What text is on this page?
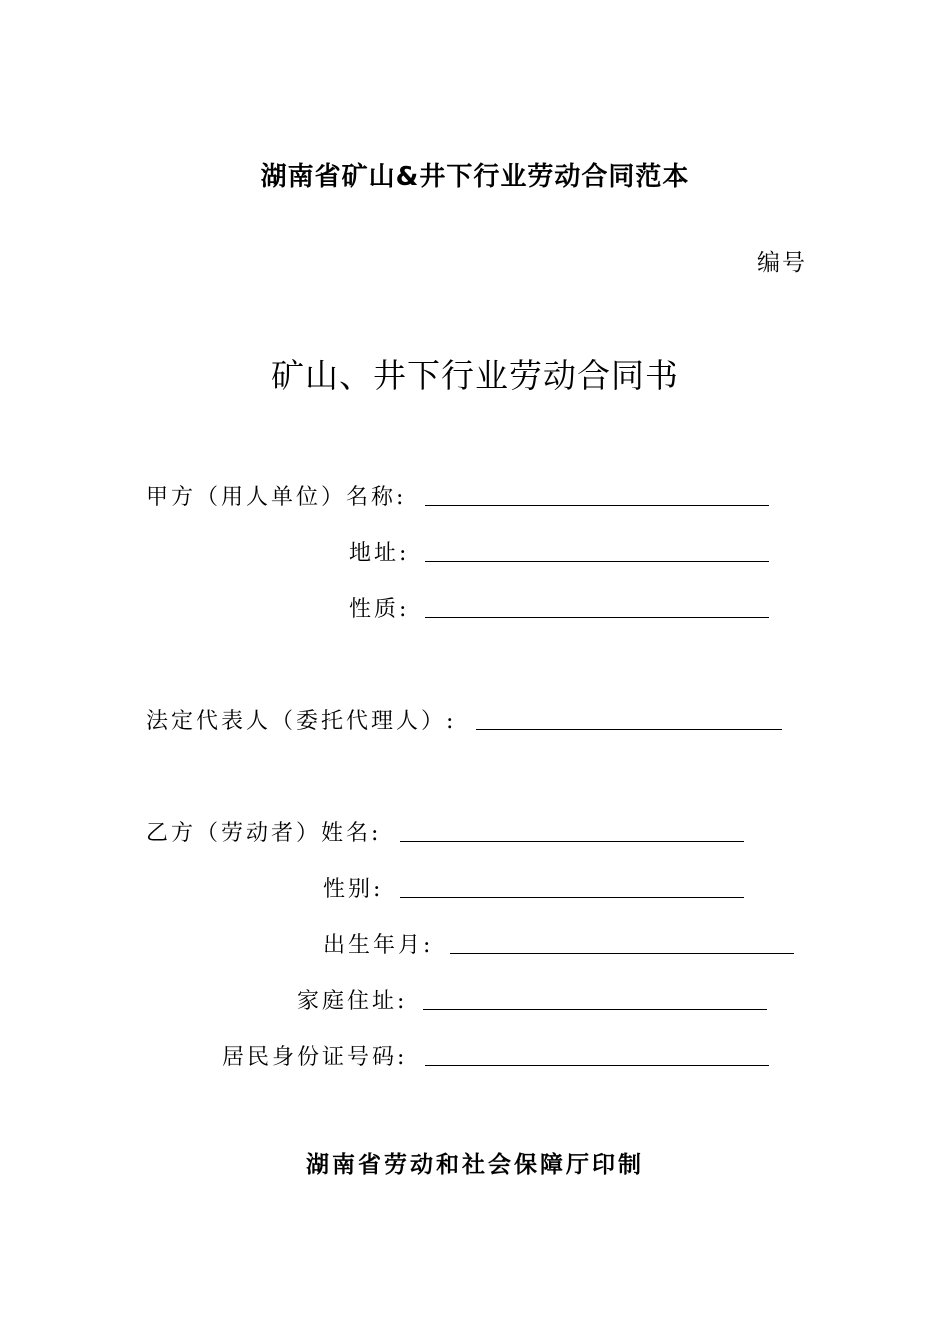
湖南省矿山&井下行业劳动合同范本
编号
矿山、井下行业劳动合同书
甲方（用人单位）名称:
地址:
性质:
法定代表人（委托代理人）:
乙方（劳动者）姓名:
性别:
出生年月:
家庭住址:
居民身份证号码:
湖南省劳动和社会保障厅印制
